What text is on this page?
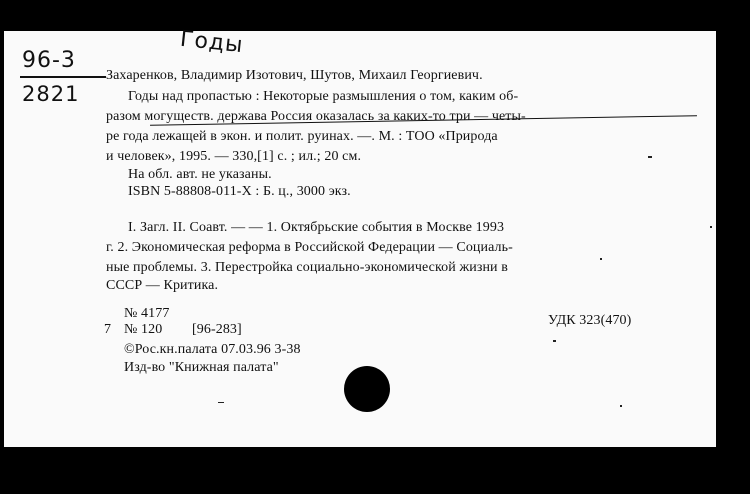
Годы
96-3
2821
Захаренков, Владимир Изотович, Шутов, Михаил Георгиевич.
Годы над пропастью : Некоторые размышления о том, каким об-
разом могуществ. держава Россия оказалась за каких-то три — четы-
ре года лежащей в экон. и полит. руинах. —. М. : ТОО «Природа
и человек», 1995. — 330,[1] с. ; ил.; 20 см.
На обл. авт. не указаны.
ISBN 5-88808-011-X : Б. ц., 3000 экз.
I. Загл. II. Соавт. — — 1. Октябрьские события в Москве 1993
г. 2. Экономическая реформа в Российской Федерации — Социаль-
ные проблемы. 3. Перестройка социально-экономической жизни в
СССР — Критика.
№ 4177
7 № 120 [96-283]
УДК 323(470)
©Рос.кн.палата 07.03.96 3-38
Изд-во "Книжная палата"
